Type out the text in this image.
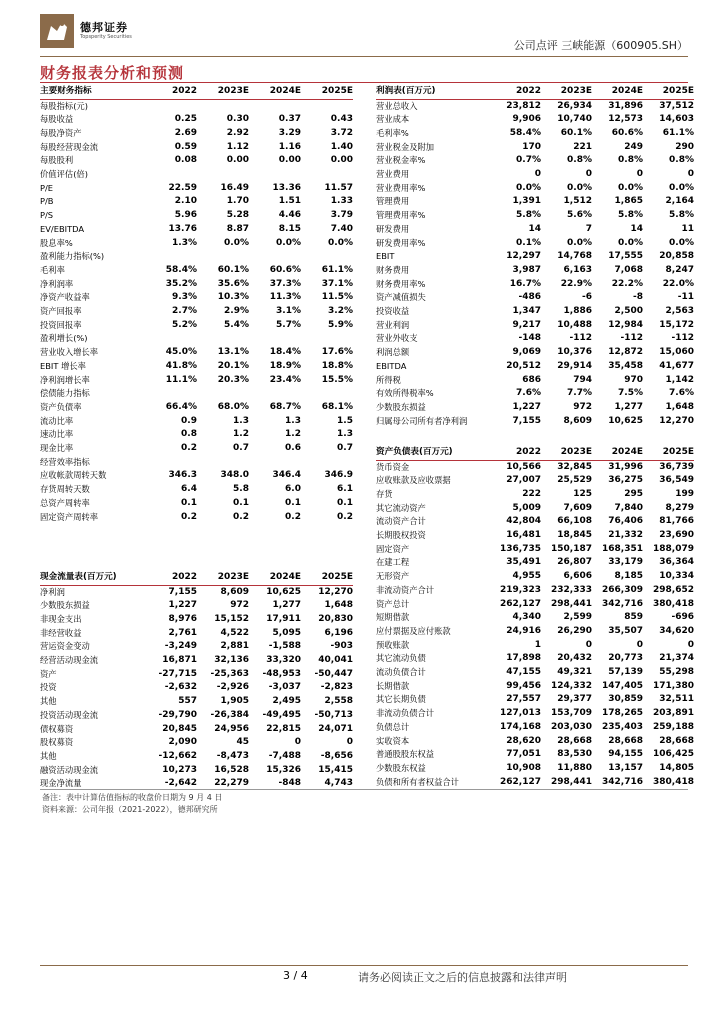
德邦证券
Topsperity Securities
公司点评 三峡能源（600905.SH）
财务报表分析和预测
主要财务指标	2022	2023E	2024E	2025E
每股指标(元)				
每股收益	0.25	0.30	0.37	0.43
每股净资产	2.69	2.92	3.29	3.72
每股经营现金流	0.59	1.12	1.16	1.40
每股股利	0.08	0.00	0.00	0.00
价值评估(倍)				
P/E	22.59	16.49	13.36	11.57
P/B	2.10	1.70	1.51	1.33
P/S	5.96	5.28	4.46	3.79
EV/EBITDA	13.76	8.87	8.15	7.40
股息率%	1.3%	0.0%	0.0%	0.0%
盈利能力指标(%)				
毛利率	58.4%	60.1%	60.6%	61.1%
净利润率	35.2%	35.6%	37.3%	37.1%
净资产收益率	9.3%	10.3%	11.3%	11.5%
资产回报率	2.7%	2.9%	3.1%	3.2%
投资回报率	5.2%	5.4%	5.7%	5.9%
盈利增长(%)				
营业收入增长率	45.0%	13.1%	18.4%	17.6%
EBIT 增长率	41.8%	20.1%	18.9%	18.8%
净利润增长率	11.1%	20.3%	23.4%	15.5%
偿债能力指标				
资产负债率	66.4%	68.0%	68.7%	68.1%
流动比率	0.9	1.3	1.3	1.5
速动比率	0.8	1.2	1.2	1.3
现金比率	0.2	0.7	0.6	0.7
经营效率指标				
应收帐款周转天数	346.3	348.0	346.4	346.9
存货周转天数	6.4	5.8	6.0	6.1
总资产周转率	0.1	0.1	0.1	0.1
固定资产周转率	0.2	0.2	0.2	0.2
利润表(百万元)	2022	2023E	2024E	2025E
营业总收入	23,812	26,934	31,896	37,512
营业成本	9,906	10,740	12,573	14,603
毛利率%	58.4%	60.1%	60.6%	61.1%
营业税金及附加	170	221	249	290
营业税金率%	0.7%	0.8%	0.8%	0.8%
营业费用	0	0	0	0
营业费用率%	0.0%	0.0%	0.0%	0.0%
管理费用	1,391	1,512	1,865	2,164
管理费用率%	5.8%	5.6%	5.8%	5.8%
研发费用	14	7	14	11
研发费用率%	0.1%	0.0%	0.0%	0.0%
EBIT	12,297	14,768	17,555	20,858
财务费用	3,987	6,163	7,068	8,247
财务费用率%	16.7%	22.9%	22.2%	22.0%
资产减值损失	-486	-6	-8	-11
投资收益	1,347	1,886	2,500	2,563
营业利润	9,217	10,488	12,984	15,172
营业外收支	-148	-112	-112	-112
利润总额	9,069	10,376	12,872	15,060
EBITDA	20,512	29,914	35,458	41,677
所得税	686	794	970	1,142
有效所得税率%	7.6%	7.7%	7.5%	7.6%
少数股东损益	1,227	972	1,277	1,648
归属母公司所有者净利润	7,155	8,609	10,625	12,270
资产负债表(百万元)	2022	2023E	2024E	2025E
货币资金	10,566	32,845	31,996	36,739
应收账款及应收票据	27,007	25,529	36,275	36,549
存货	222	125	295	199
其它流动资产	5,009	7,609	7,840	8,279
流动资产合计	42,804	66,108	76,406	81,766
长期股权投资	16,481	18,845	21,332	23,690
固定资产	136,735	150,187	168,351	188,079
在建工程	35,491	26,807	33,179	36,364
无形资产	4,955	6,606	8,185	10,334
非流动资产合计	219,323	232,333	266,309	298,652
资产总计	262,127	298,441	342,716	380,418
短期借款	4,340	2,599	859	-696
应付票据及应付账款	24,916	26,290	35,507	34,620
预收账款	1	0	0	0
其它流动负债	17,898	20,432	20,773	21,374
流动负债合计	47,155	49,321	57,139	55,298
长期借款	99,456	124,332	147,405	171,380
其它长期负债	27,557	29,377	30,859	32,511
非流动负债合计	127,013	153,709	178,265	203,891
负债总计	174,168	203,030	235,403	259,188
实收资本	28,620	28,668	28,668	28,668
普通股股东权益	77,051	83,530	94,155	106,425
少数股东权益	10,908	11,880	13,157	14,805
负债和所有者权益合计	262,127	298,441	342,716	380,418
现金流量表(百万元)	2022	2023E	2024E	2025E
净利润	7,155	8,609	10,625	12,270
少数股东损益	1,227	972	1,277	1,648
非现金支出	8,976	15,152	17,911	20,830
非经营收益	2,761	4,522	5,095	6,196
营运资金变动	-3,249	2,881	-1,588	-903
经营活动现金流	16,871	32,136	33,320	40,041
资产	-27,715	-25,363	-48,953	-50,447
投资	-2,632	-2,926	-3,037	-2,823
其他	557	1,905	2,495	2,558
投资活动现金流	-29,790	-26,384	-49,495	-50,713
债权募资	20,845	24,956	22,815	24,071
股权募资	2,090	45	0	0
其他	-12,662	-8,473	-7,488	-8,656
融资活动现金流	10,273	16,528	15,326	15,415
现金净流量	-2,642	22,279	-848	4,743
备注：表中计算估值指标的收盘价日期为 9 月 4 日
资料来源：公司年报（2021-2022），德邦研究所
3 / 4	请务必阅读正文之后的信息披露和法律声明
